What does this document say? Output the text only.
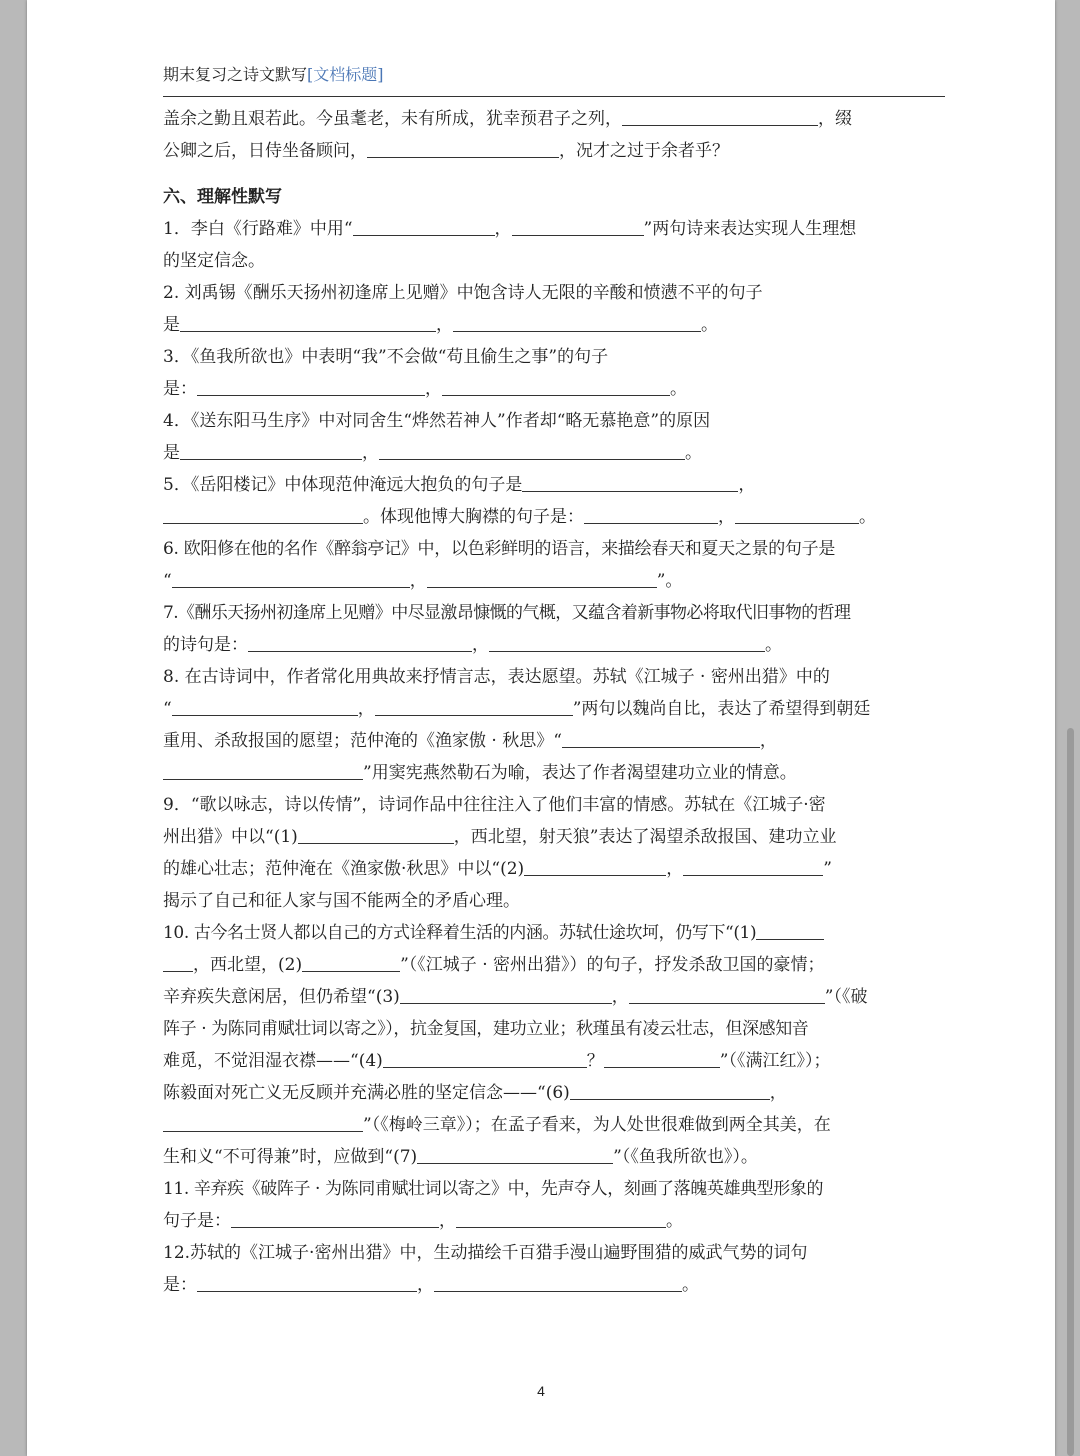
期末复习之诗文默写[文档标题]

盖余之勤且艰若此。今虽耄老，未有所成，犹幸预君子之列，	，缀

公卿之后，日侍坐备顾问，	，况才之过于余者乎？

六、理解性默写

1．李白《行路难》中用“	，	”两句诗来表达实现人生理想

的坚定信念。

2. 刘禹锡《酬乐天扬州初逢席上见赠》中饱含诗人无限的辛酸和愤懑不平的句子

是	，	。

3．《鱼我所欲也》中表明“我”不会做“苟且偷生之事”的句子

是：	，	。

4．《送东阳马生序》中对同舍生“烨然若神人”作者却“略无慕艳意”的原因

是	，	。

5．《岳阳楼记》中体现范仲淹远大抱负的句子是	，

。体现他博大胸襟的句子是：	，	。

6. 欧阳修在他的名作《醉翁亭记》中，以色彩鲜明的语言，来描绘春天和夏天之景的句子是

“	，	”。

7.《酬乐天扬州初逢席上见赠》中尽显激昂慷慨的气概，又蕴含着新事物必将取代旧事物的哲理

的诗句是：	，	。

8. 在古诗词中，作者常化用典故来抒情言志，表达愿望。苏轼《江城子 · 密州出猎》中的

“	，	”两句以魏尚自比，表达了希望得到朝廷

重用、杀敌报国的愿望；范仲淹的《渔家傲 · 秋思》“	，

”用窦宪燕然勒石为喻，表达了作者渴望建功立业的情意。

9．“歌以咏志，诗以传情”，诗词作品中往往注入了他们丰富的情感。苏轼在《江城子·密

州出猎》中以“(1)	，西北望，射天狼”表达了渴望杀敌报国、建功立业

的雄心壮志；范仲淹在《渔家傲·秋思》中以“(2)	，	”

揭示了自己和征人家与国不能两全的矛盾心理。

10. 古今名士贤人都以自己的方式诠释着生活的内涵。苏轼仕途坎坷，仍写下“(1)

，西北望，(2)	”（《江城子 · 密州出猎》）的句子，抒发杀敌卫国的豪情；

辛弃疾失意闲居，但仍希望“(3)	，	”（《破

阵子 · 为陈同甫赋壮词以寄之》），抗金复国，建功立业；秋瑾虽有凌云壮志，但深感知音

难觅，不觉泪湿衣襟——“(4)	？	”（《满江红》）；

陈毅面对死亡义无反顾并充满必胜的坚定信念——“(6)	，

”（《梅岭三章》）；在孟子看来，为人处世很难做到两全其美，在

生和义“不可得兼”时，应做到“(7)	”（《鱼我所欲也》）。

11. 辛弃疾《破阵子 · 为陈同甫赋壮词以寄之》中，先声夺人，刻画了落魄英雄典型形象的

句子是：	，	。

12.苏轼的《江城子·密州出猎》中，生动描绘千百猎手漫山遍野围猎的威武气势的词句

是：	，	。

4
